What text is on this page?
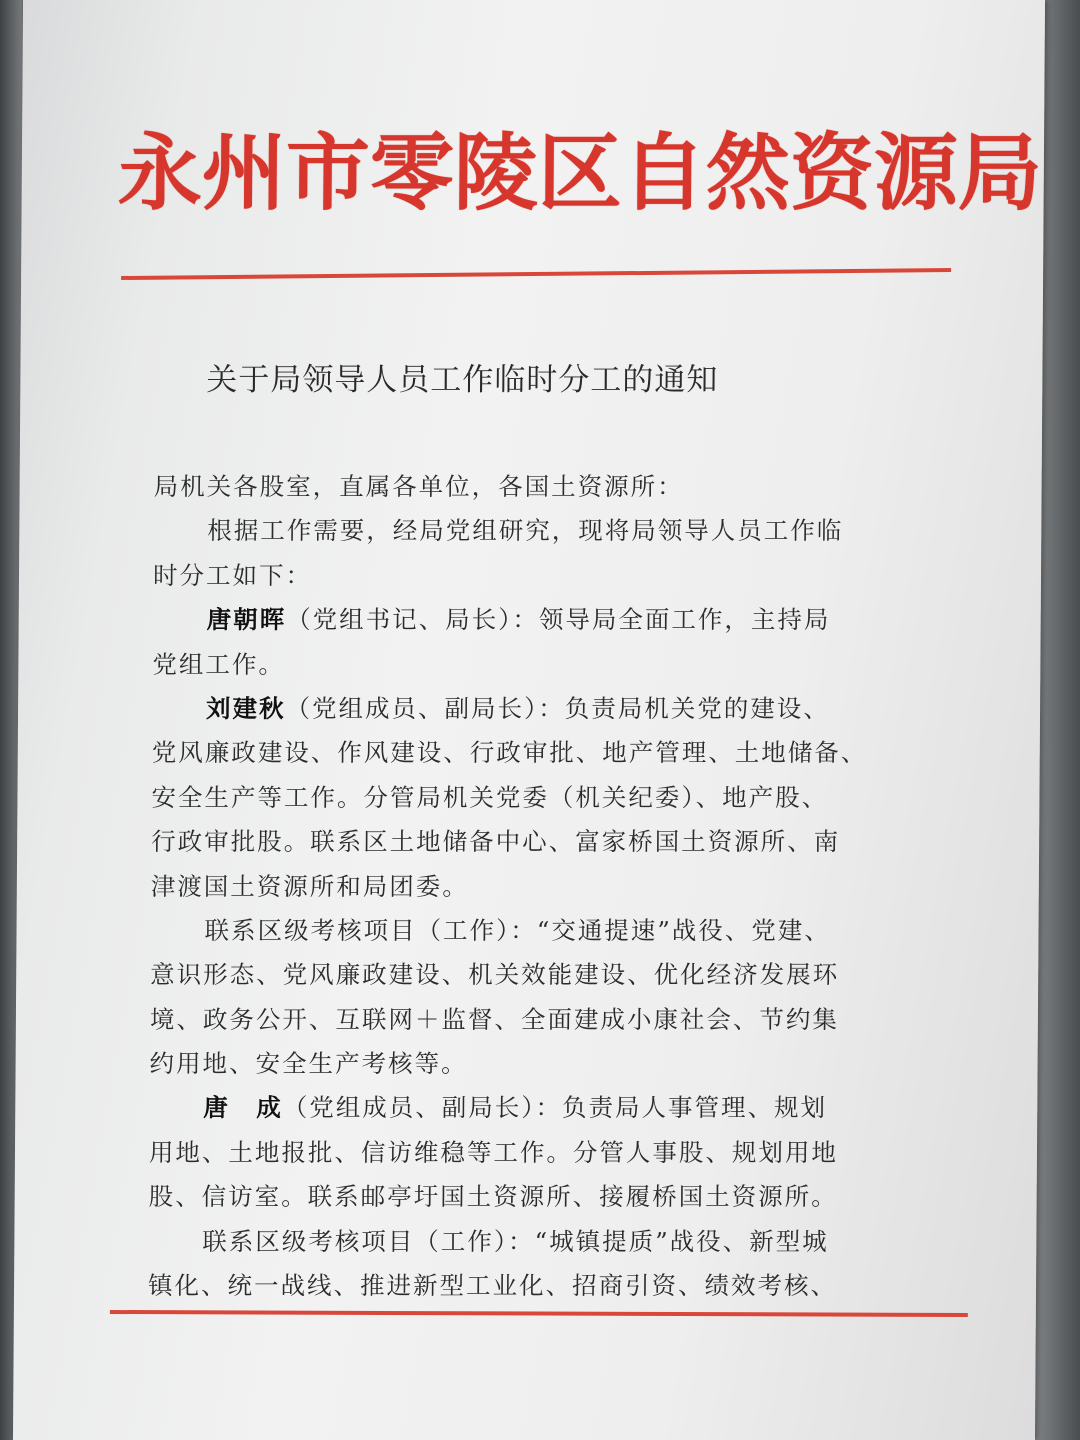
永州市零陵区自然资源局
关于局领导人员工作临时分工的通知
局机关各股室，直属各单位，各国土资源所：
根据工作需要，经局党组研究，现将局领导人员工作临
时分工如下：
唐朝晖（党组书记、局长）：领导局全面工作，主持局
党组工作。
刘建秋（党组成员、副局长）：负责局机关党的建设、
党风廉政建设、作风建设、行政审批、地产管理、土地储备、
安全生产等工作。分管局机关党委（机关纪委）、地产股、
行政审批股。联系区土地储备中心、富家桥国土资源所、南
津渡国土资源所和局团委。
联系区级考核项目（工作）：“交通提速”战役、党建、
意识形态、党风廉政建设、机关效能建设、优化经济发展环
境、政务公开、互联网＋监督、全面建成小康社会、节约集
约用地、安全生产考核等。
唐　成（党组成员、副局长）：负责局人事管理、规划
用地、土地报批、信访维稳等工作。分管人事股、规划用地
股、信访室。联系邮亭圩国土资源所、接履桥国土资源所。
联系区级考核项目（工作）：“城镇提质”战役、新型城
镇化、统一战线、推进新型工业化、招商引资、绩效考核、
